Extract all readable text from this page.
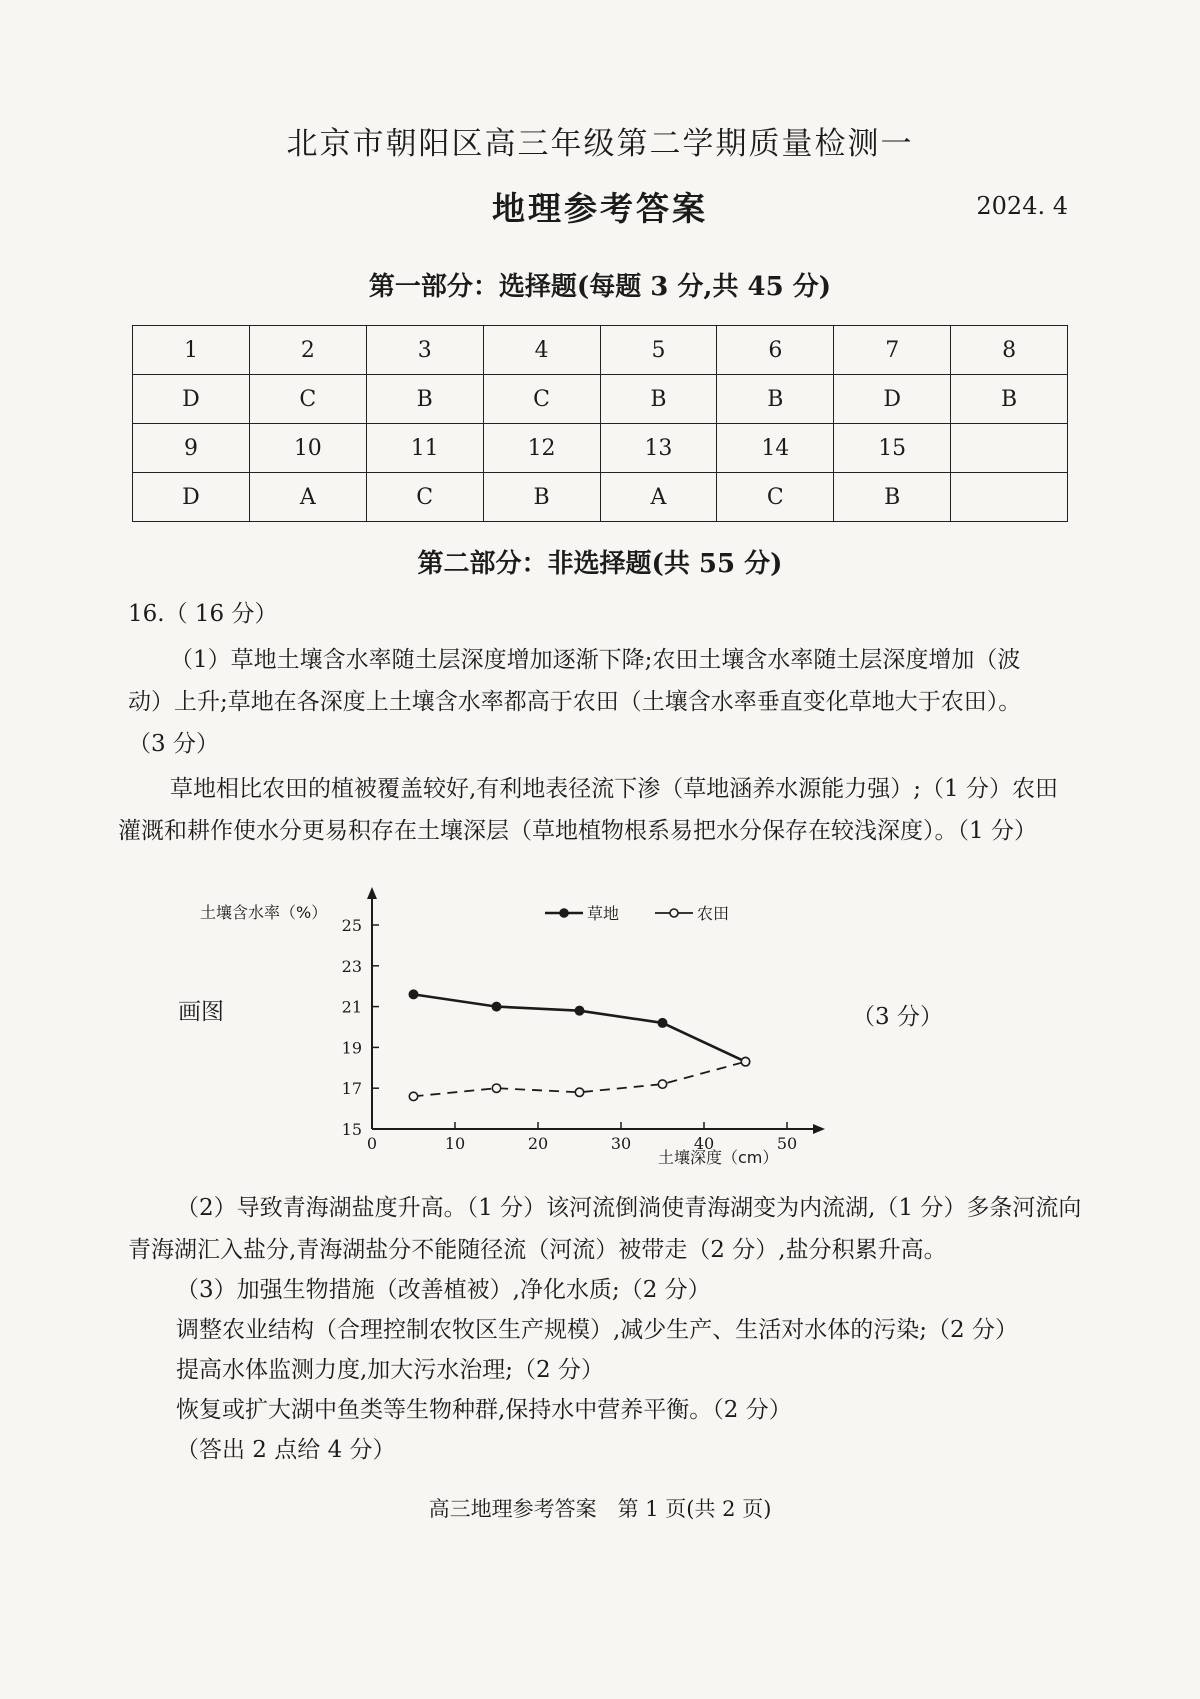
北京市朝阳区高三年级第二学期质量检测一
地理参考答案	2024. 4
第一部分：选择题(每题 3 分,共 45 分)
1	2	3	4	5	6	7	8
D	C	B	C	B	B	D	B
9	10	11	12	13	14	15	
D	A	C	B	A	C	B	
第二部分：非选择题(共 55 分)
16.（ 16 分）
（1）草地土壤含水率随土层深度增加逐渐下降;农田土壤含水率随土层深度增加（波
动）上升;草地在各深度上土壤含水率都高于农田（土壤含水率垂直变化草地大于农田）。
（3 分）
草地相比农田的植被覆盖较好,有利地表径流下渗（草地涵养水源能力强）;（1 分）农田
灌溉和耕作使水分更易积存在土壤深层（草地植物根系易把水分保存在较浅深度）。（1 分）
画图	（3 分）
15
17
19
21
23
25
0	10	20	30	40	50
土壤含水率（%）
土壤深度（cm）
草地	农田
（2）导致青海湖盐度升高。（1 分）该河流倒淌使青海湖变为内流湖,（1 分）多条河流向
青海湖汇入盐分,青海湖盐分不能随径流（河流）被带走（2 分）,盐分积累升高。
（3）加强生物措施（改善植被）,净化水质;（2 分）
调整农业结构（合理控制农牧区生产规模）,减少生产、生活对水体的污染;（2 分）
提高水体监测力度,加大污水治理;（2 分）
恢复或扩大湖中鱼类等生物种群,保持水中营养平衡。（2 分）
（答出 2 点给 4 分）
高三地理参考答案　第 1 页(共 2 页)
